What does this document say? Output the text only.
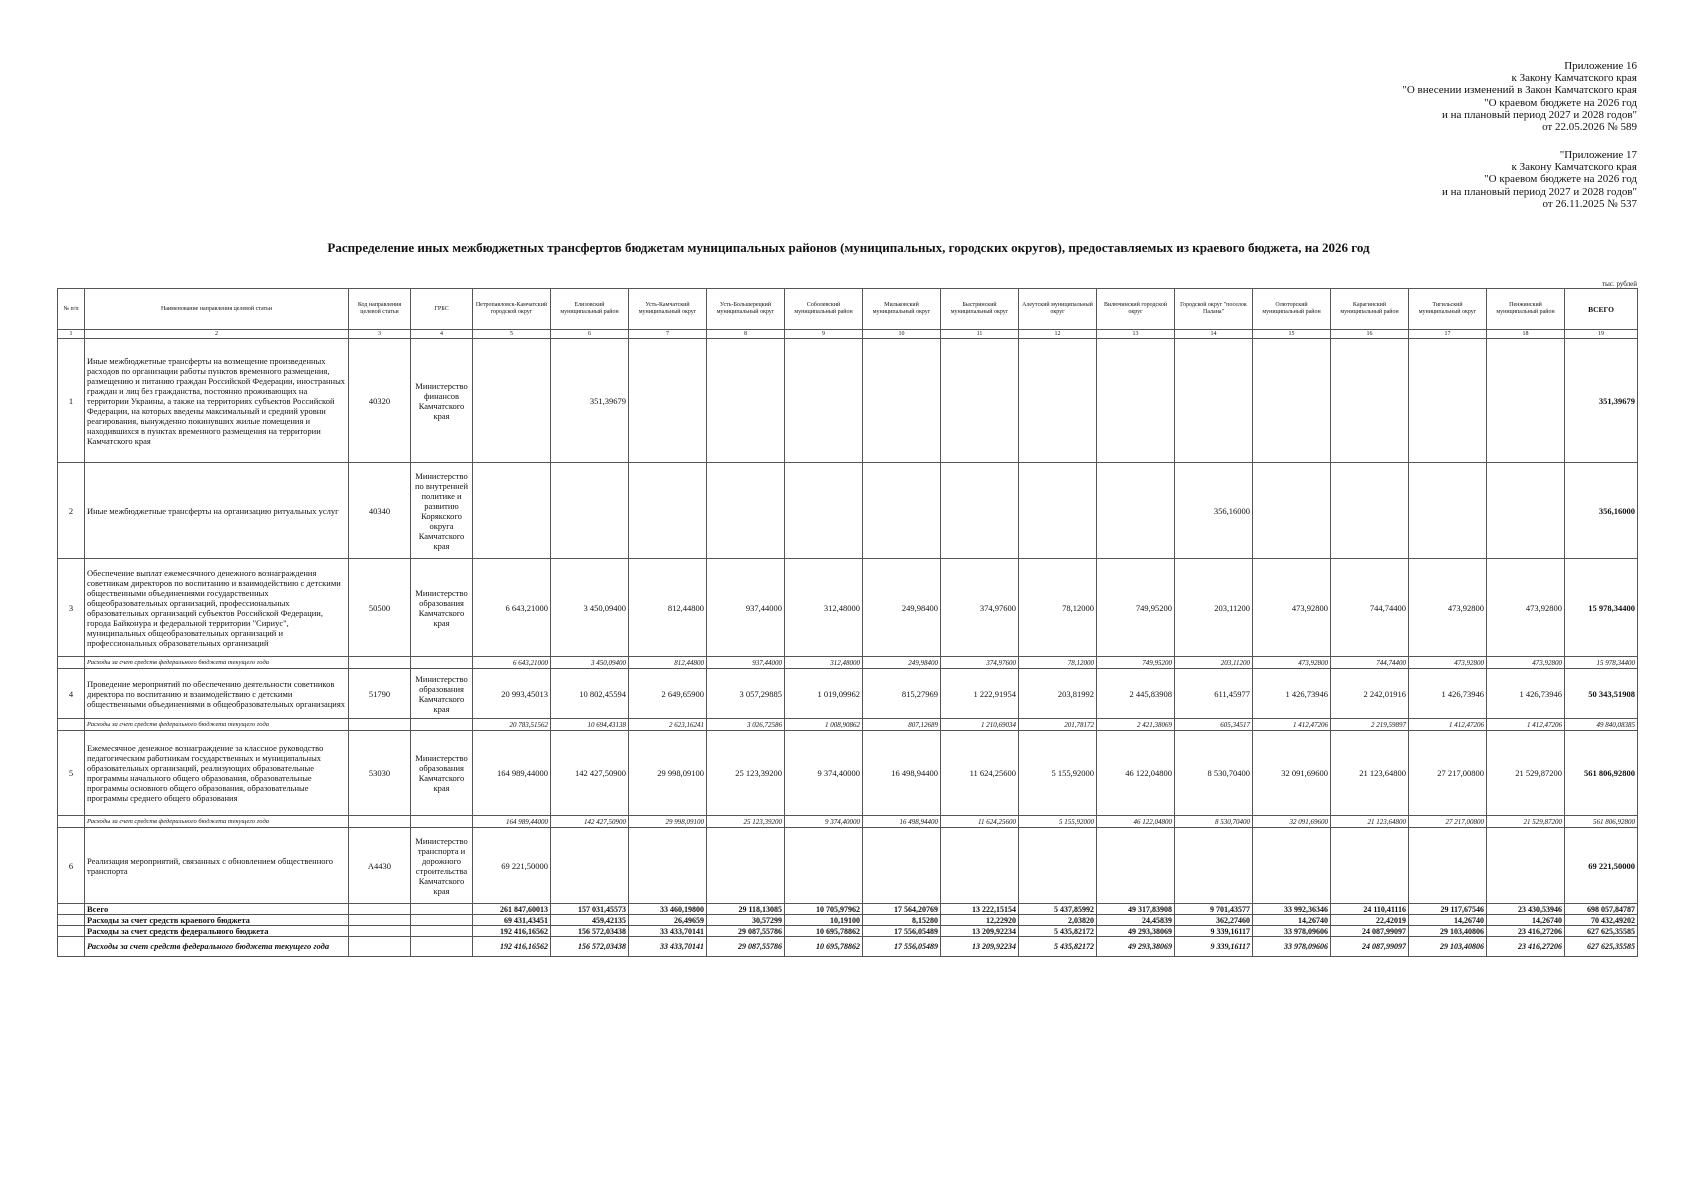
Приложение 16
к Закону Камчатского края
"О внесении изменений в Закон Камчатского края
"О краевом бюджете на 2026 год
и на плановый период 2027 и 2028 годов"
от 22.05.2026 № 589
"Приложение 17
к Закону Камчатского края
"О краевом бюджете на 2026 год
и на плановый период 2027 и 2028 годов"
от 26.11.2025 № 537
Распределение иных межбюджетных трансфертов бюджетам муниципальных районов (муниципальных, городских округов), предоставляемых из краевого бюджета, на 2026 год
тыс. рублей
№ п/п	Наименование направления целевой статьи	Код направления целевой статьи	ГРБС	Петропавловск-Камчатский городской округ	Елизовский муниципальный район	Усть-Камчатский муниципальный округ	Усть-Большерецкий муниципальный округ	Соболевский муниципальный район	Мильковский муниципальный округ	Быстринский муниципальный округ	Алеутский муниципальный округ	Вилючинский городской округ	Городской округ "поселок Палана"	Олюторский муниципальный район	Карагинский муниципальный район	Тигильский муниципальный округ	Пенжинский муниципальный район	ВСЕГО
1	2	3	4	5	6	7	8	9	10	11	12	13	14	15	16	17	18	19
1	Иные межбюджетные трансферты на возмещение произведенных расходов по организации работы пунктов временного размещения, размещению и питанию граждан Российской Федерации, иностранных граждан и лиц без гражданства, постоянно проживающих на территории Украины, а также на территориях субъектов Российской Федерации, на которых введены максимальный и средний уровни реагирования, вынужденно покинувших жилые помещения и находившихся в пунктах временного размещения на территории Камчатского края	40320	Министерство финансов Камчатского края		351,39679													351,39679
2	Иные межбюджетные трансферты на организацию ритуальных услуг	40340	Министерство по внутренней политике и развитию Корякского округа Камчатского края										356,16000					356,16000
3	Обеспечение выплат ежемесячного денежного вознаграждения советникам директоров по воспитанию и взаимодействию с детскими общественными объединениями государственных общеобразовательных организаций, профессиональных образовательных организаций субъектов Российской Федерации, города Байконура и федеральной территории "Сириус", муниципальных общеобразовательных организаций и профессиональных образовательных организаций	50500	Министерство образования Камчатского края	6 643,21000	3 450,09400	812,44800	937,44000	312,48000	249,98400	374,97600	78,12000	749,95200	203,11200	473,92800	744,74400	473,92800	473,92800	15 978,34400
	Расходы за счет средств федерального бюджета текущего года			6 643,21000	3 450,09400	812,44800	937,44000	312,48000	249,98400	374,97600	78,12000	749,95200	203,11200	473,92800	744,74400	473,92800	473,92800	15 978,34400
4	Проведение мероприятий по обеспечению деятельности советников директора по воспитанию и взаимодействию с детскими общественными объединениями в общеобразовательных организациях	51790	Министерство образования Камчатского края	20 993,45013	10 802,45594	2 649,65900	3 057,29885	1 019,09962	815,27969	1 222,91954	203,81992	2 445,83908	611,45977	1 426,73946	2 242,01916	1 426,73946	1 426,73946	50 343,51908
	Расходы за счет средств федерального бюджета текущего года			20 783,51562	10 694,43138	2 623,16241	3 026,72586	1 008,90862	807,12689	1 210,69034	201,78172	2 421,38069	605,34517	1 412,47206	2 219,59897	1 412,47206	1 412,47206	49 840,08385
5	Ежемесячное денежное вознаграждение за классное руководство педагогическим работникам государственных и муниципальных образовательных организаций, реализующих образовательные программы начального общего образования, образовательные программы основного общего образования, образовательные программы среднего общего образования	53030	Министерство образования Камчатского края	164 989,44000	142 427,50900	29 998,09100	25 123,39200	9 374,40000	16 498,94400	11 624,25600	5 155,92000	46 122,04800	8 530,70400	32 091,69600	21 123,64800	27 217,00800	21 529,87200	561 806,92800
	Расходы за счет средств федерального бюджета текущего года			164 989,44000	142 427,50900	29 998,09100	25 123,39200	9 374,40000	16 498,94400	11 624,25600	5 155,92000	46 122,04800	8 530,70400	32 091,69600	21 123,64800	27 217,00800	21 529,87200	561 806,92800
6	Реализация мероприятий, связанных с обновлением общественного транспорта	А4430	Министерство транспорта и дорожного строительства Камчатского края	69 221,50000														69 221,50000
	Всего			261 847,60013	157 031,45573	33 460,19800	29 118,13085	10 705,97962	17 564,20769	13 222,15154	5 437,85992	49 317,83908	9 701,43577	33 992,36346	24 110,41116	29 117,67546	23 430,53946	698 057,84787
	Расходы за счет средств краевого бюджета			69 431,43451	459,42135	26,49659	30,57299	10,19100	8,15280	12,22920	2,03820	24,45839	362,27460	14,26740	22,42019	14,26740	14,26740	70 432,49202
	Расходы за счет средств федерального бюджета			192 416,16562	156 572,03438	33 433,70141	29 087,55786	10 695,78862	17 556,05489	13 209,92234	5 435,82172	49 293,38069	9 339,16117	33 978,09606	24 087,99097	29 103,40806	23 416,27206	627 625,35585
	Расходы за счет средств федерального бюджета текущего года			192 416,16562	156 572,03438	33 433,70141	29 087,55786	10 695,78862	17 556,05489	13 209,92234	5 435,82172	49 293,38069	9 339,16117	33 978,09606	24 087,99097	29 103,40806	23 416,27206	627 625,35585
